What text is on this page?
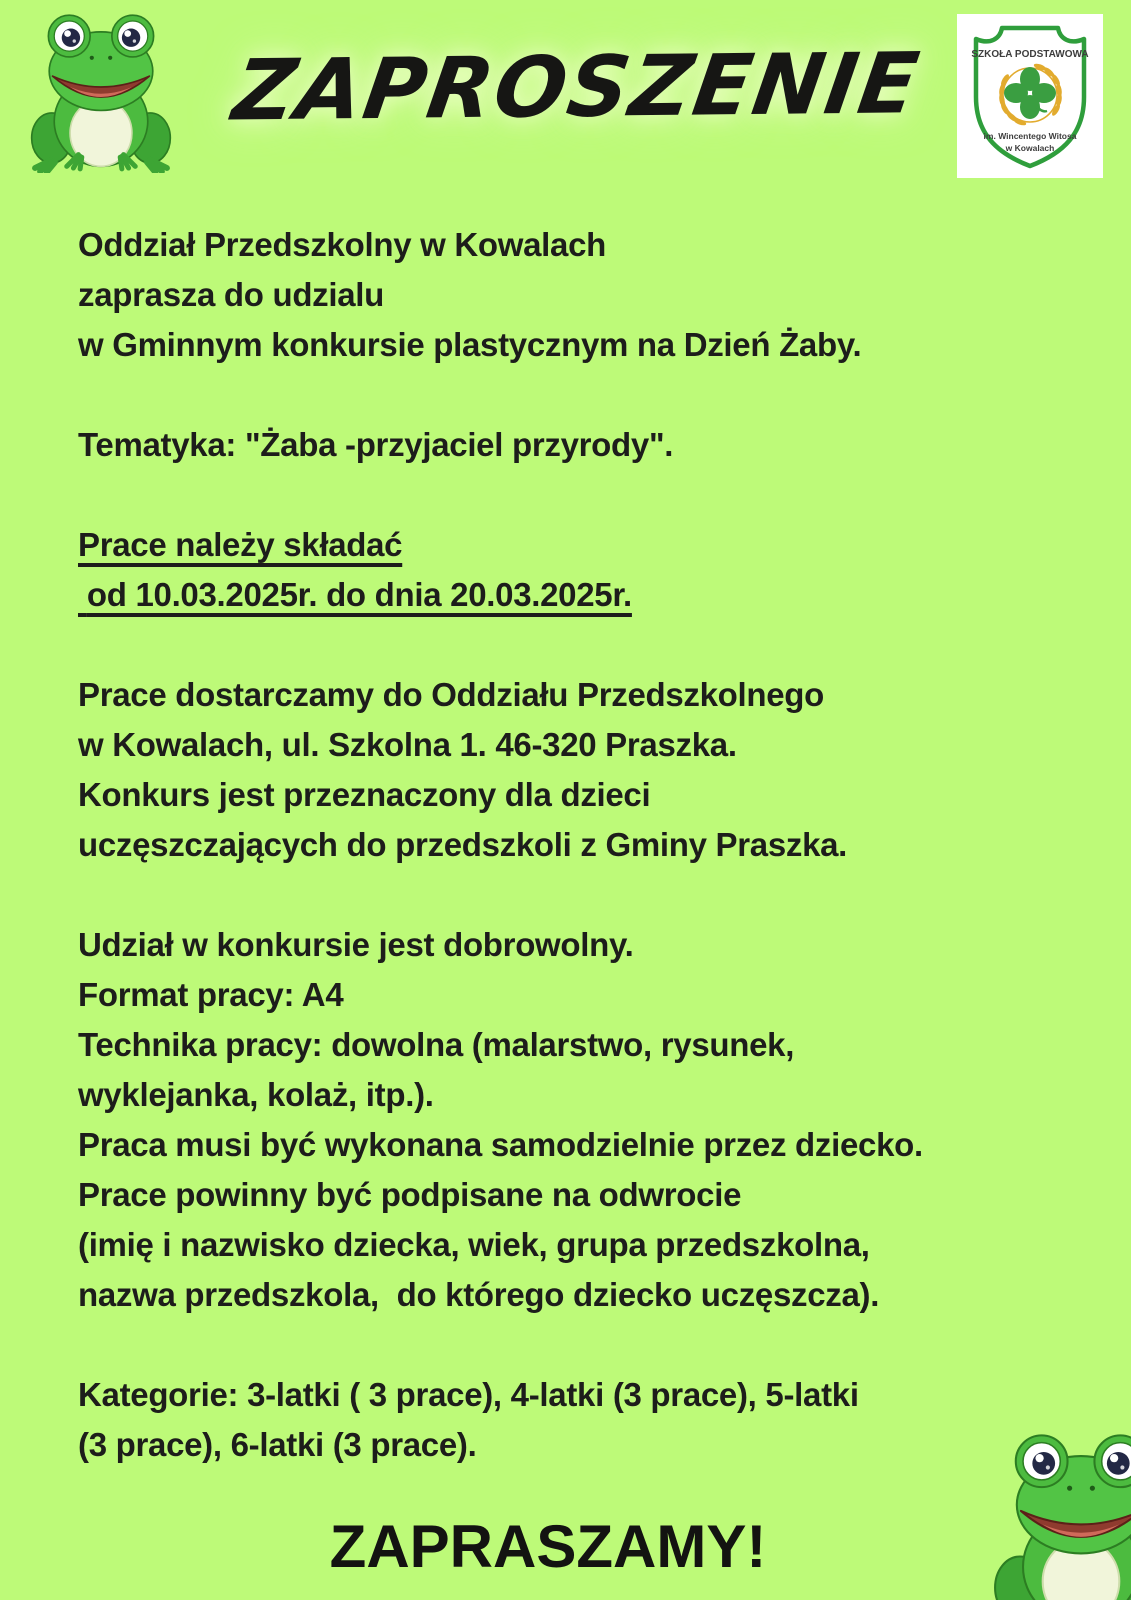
ZAPROSZENIE	SZKOŁA PODSTAWOWA
im. Wincentego Witosa
w Kowalach
Oddział Przedszkolny w Kowalach
zaprasza do udzialu
w Gminnym konkursie plastycznym na Dzień Żaby.
Tematyka: "Żaba -przyjaciel przyrody".
Prace należy składać
od 10.03.2025r. do dnia 20.03.2025r.
Prace dostarczamy do Oddziału Przedszkolnego
w Kowalach, ul. Szkolna 1. 46-320 Praszka.
Konkurs jest przeznaczony dla dzieci
uczęszczających do przedszkoli z Gminy Praszka.
Udział w konkursie jest dobrowolny.
Format pracy: A4
Technika pracy: dowolna (malarstwo, rysunek,
wyklejanka, kolaż, itp.).
Praca musi być wykonana samodzielnie przez dziecko.
Prace powinny być podpisane na odwrocie
(imię i nazwisko dziecka, wiek, grupa przedszkolna,
nazwa przedszkola,  do którego dziecko uczęszcza).
Kategorie: 3-latki ( 3 prace), 4-latki (3 prace), 5-latki
(3 prace), 6-latki (3 prace).
ZAPRASZAMY!
